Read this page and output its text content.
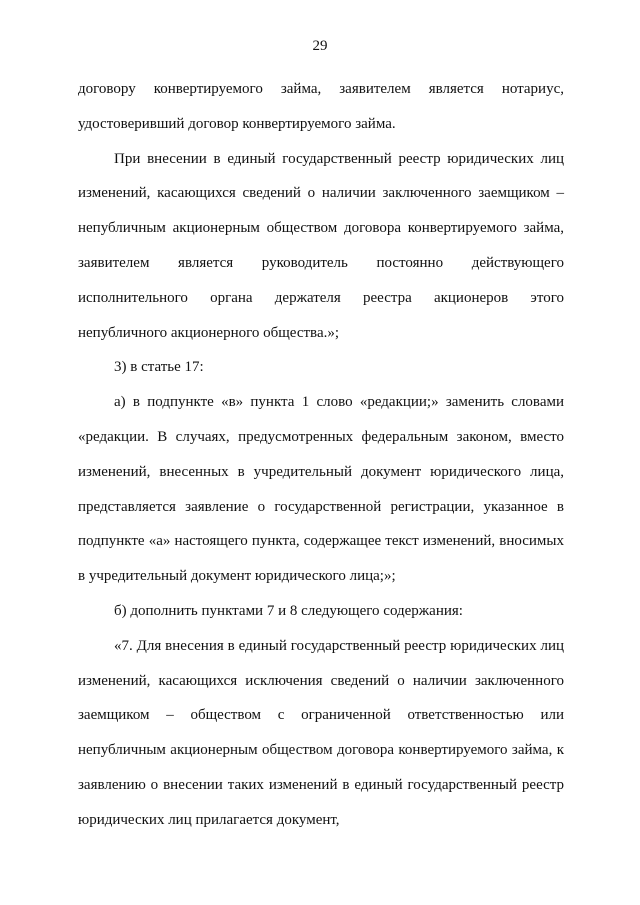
29

договору конвертируемого займа, заявителем является нотариус, удостоверивший договор конвертируемого займа.

При внесении в единый государственный реестр юридических лиц изменений, касающихся сведений о наличии заключенного заемщиком – непубличным акционерным обществом договора конвертируемого займа, заявителем является руководитель постоянно действующего исполнительного органа держателя реестра акционеров этого непубличного акционерного общества.»;

3) в статье 17:

а) в подпункте «в» пункта 1 слово «редакции;» заменить словами «редакции. В случаях, предусмотренных федеральным законом, вместо изменений, внесенных в учредительный документ юридического лица, представляется заявление о государственной регистрации, указанное в подпункте «а» настоящего пункта, содержащее текст изменений, вносимых в учредительный документ юридического лица;»;

б) дополнить пунктами 7 и 8 следующего содержания:

«7. Для внесения в единый государственный реестр юридических лиц изменений, касающихся исключения сведений о наличии заключенного заемщиком – обществом с ограниченной ответственностью или непубличным акционерным обществом договора конвертируемого займа, к заявлению о внесении таких изменений в единый государственный реестр юридических лиц прилагается документ,
